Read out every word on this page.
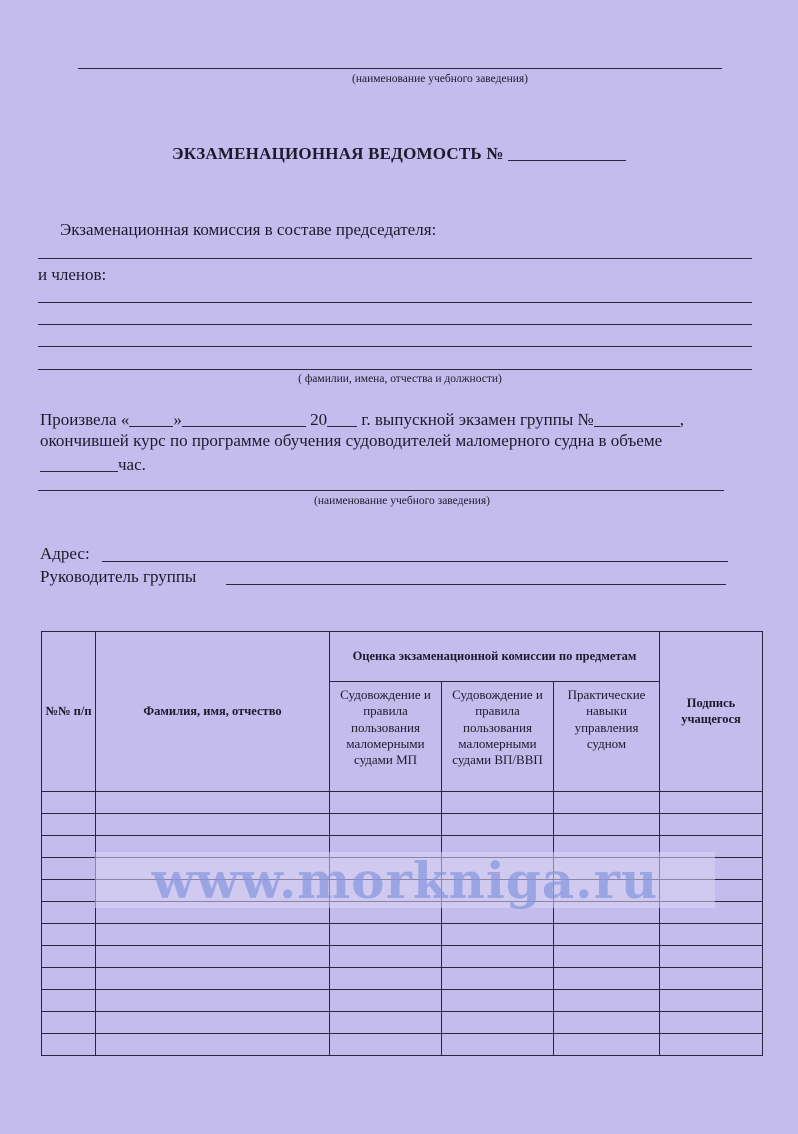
(наименование учебного заведения)
ЭКЗАМЕНАЦИОННАЯ ВЕДОМОСТЬ №
Экзаменационная комиссия в составе председателя:
и членов:
( фамилии, имена, отчества и должности)
Произвела «	»	20 г. выпускной экзамен группы №	,
окончившей курс по программе обучения судоводителей маломерного судна в объеме
час.
(наименование учебного заведения)
Адрес:
Руководитель группы
№№ п/п	Фамилия, имя, отчество	Оценка экзаменационной комиссии по предметам			Подпись учащегося
		Судовождение и правила пользования маломерными судами МП	Судовождение и правила пользования маломерными судами ВП/ВВП	Практические навыки управления судном	

www.morkniga.ru
